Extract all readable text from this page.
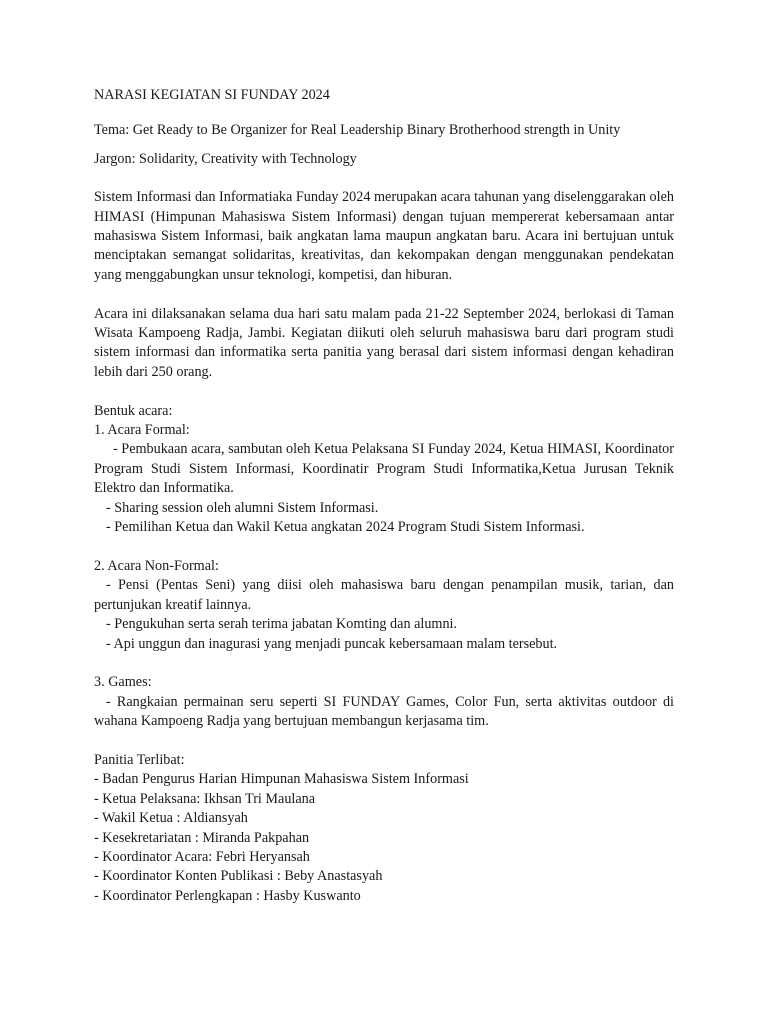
NARASI KEGIATAN SI FUNDAY 2024

Tema: Get Ready to Be Organizer for Real Leadership Binary Brotherhood strength in Unity

Jargon: Solidarity, Creativity with Technology

Sistem Informasi dan Informatiaka Funday 2024 merupakan acara tahunan yang diselenggarakan oleh HIMASI (Himpunan Mahasiswa Sistem Informasi) dengan tujuan mempererat kebersamaan antar mahasiswa Sistem Informasi, baik angkatan lama maupun angkatan baru. Acara ini bertujuan untuk menciptakan semangat solidaritas, kreativitas, dan kekompakan dengan menggunakan pendekatan yang menggabungkan unsur teknologi, kompetisi, dan hiburan.

Acara ini dilaksanakan selama dua hari satu malam pada 21-22 September 2024, berlokasi di Taman Wisata Kampoeng Radja, Jambi. Kegiatan diikuti oleh seluruh mahasiswa baru dari program studi sistem informasi dan informatika serta panitia yang berasal dari sistem informasi dengan kehadiran lebih dari 250 orang.

Bentuk acara:

1. Acara Formal:

- Pembukaan acara, sambutan oleh Ketua Pelaksana SI Funday 2024, Ketua HIMASI, Koordinator Program Studi Sistem Informasi, Koordinatir Program Studi Informatika,Ketua Jurusan Teknik Elektro dan Informatika.

- Sharing session oleh alumni Sistem Informasi.

- Pemilihan Ketua dan Wakil Ketua angkatan 2024 Program Studi Sistem Informasi.

2. Acara Non-Formal:

- Pensi (Pentas Seni) yang diisi oleh mahasiswa baru dengan penampilan musik, tarian, dan pertunjukan kreatif lainnya.

- Pengukuhan serta serah terima jabatan Komting dan alumni.

- Api unggun dan inagurasi yang menjadi puncak kebersamaan malam tersebut.

3. Games:

- Rangkaian permainan seru seperti SI FUNDAY Games, Color Fun, serta aktivitas outdoor di wahana Kampoeng Radja yang bertujuan membangun kerjasama tim.

Panitia Terlibat:

- Badan Pengurus Harian Himpunan Mahasiswa Sistem Informasi

- Ketua Pelaksana: Ikhsan Tri Maulana

- Wakil Ketua : Aldiansyah

- Kesekretariatan : Miranda Pakpahan

- Koordinator Acara: Febri Heryansah

- Koordinator Konten Publikasi : Beby Anastasyah

- Koordinator Perlengkapan : Hasby Kuswanto
